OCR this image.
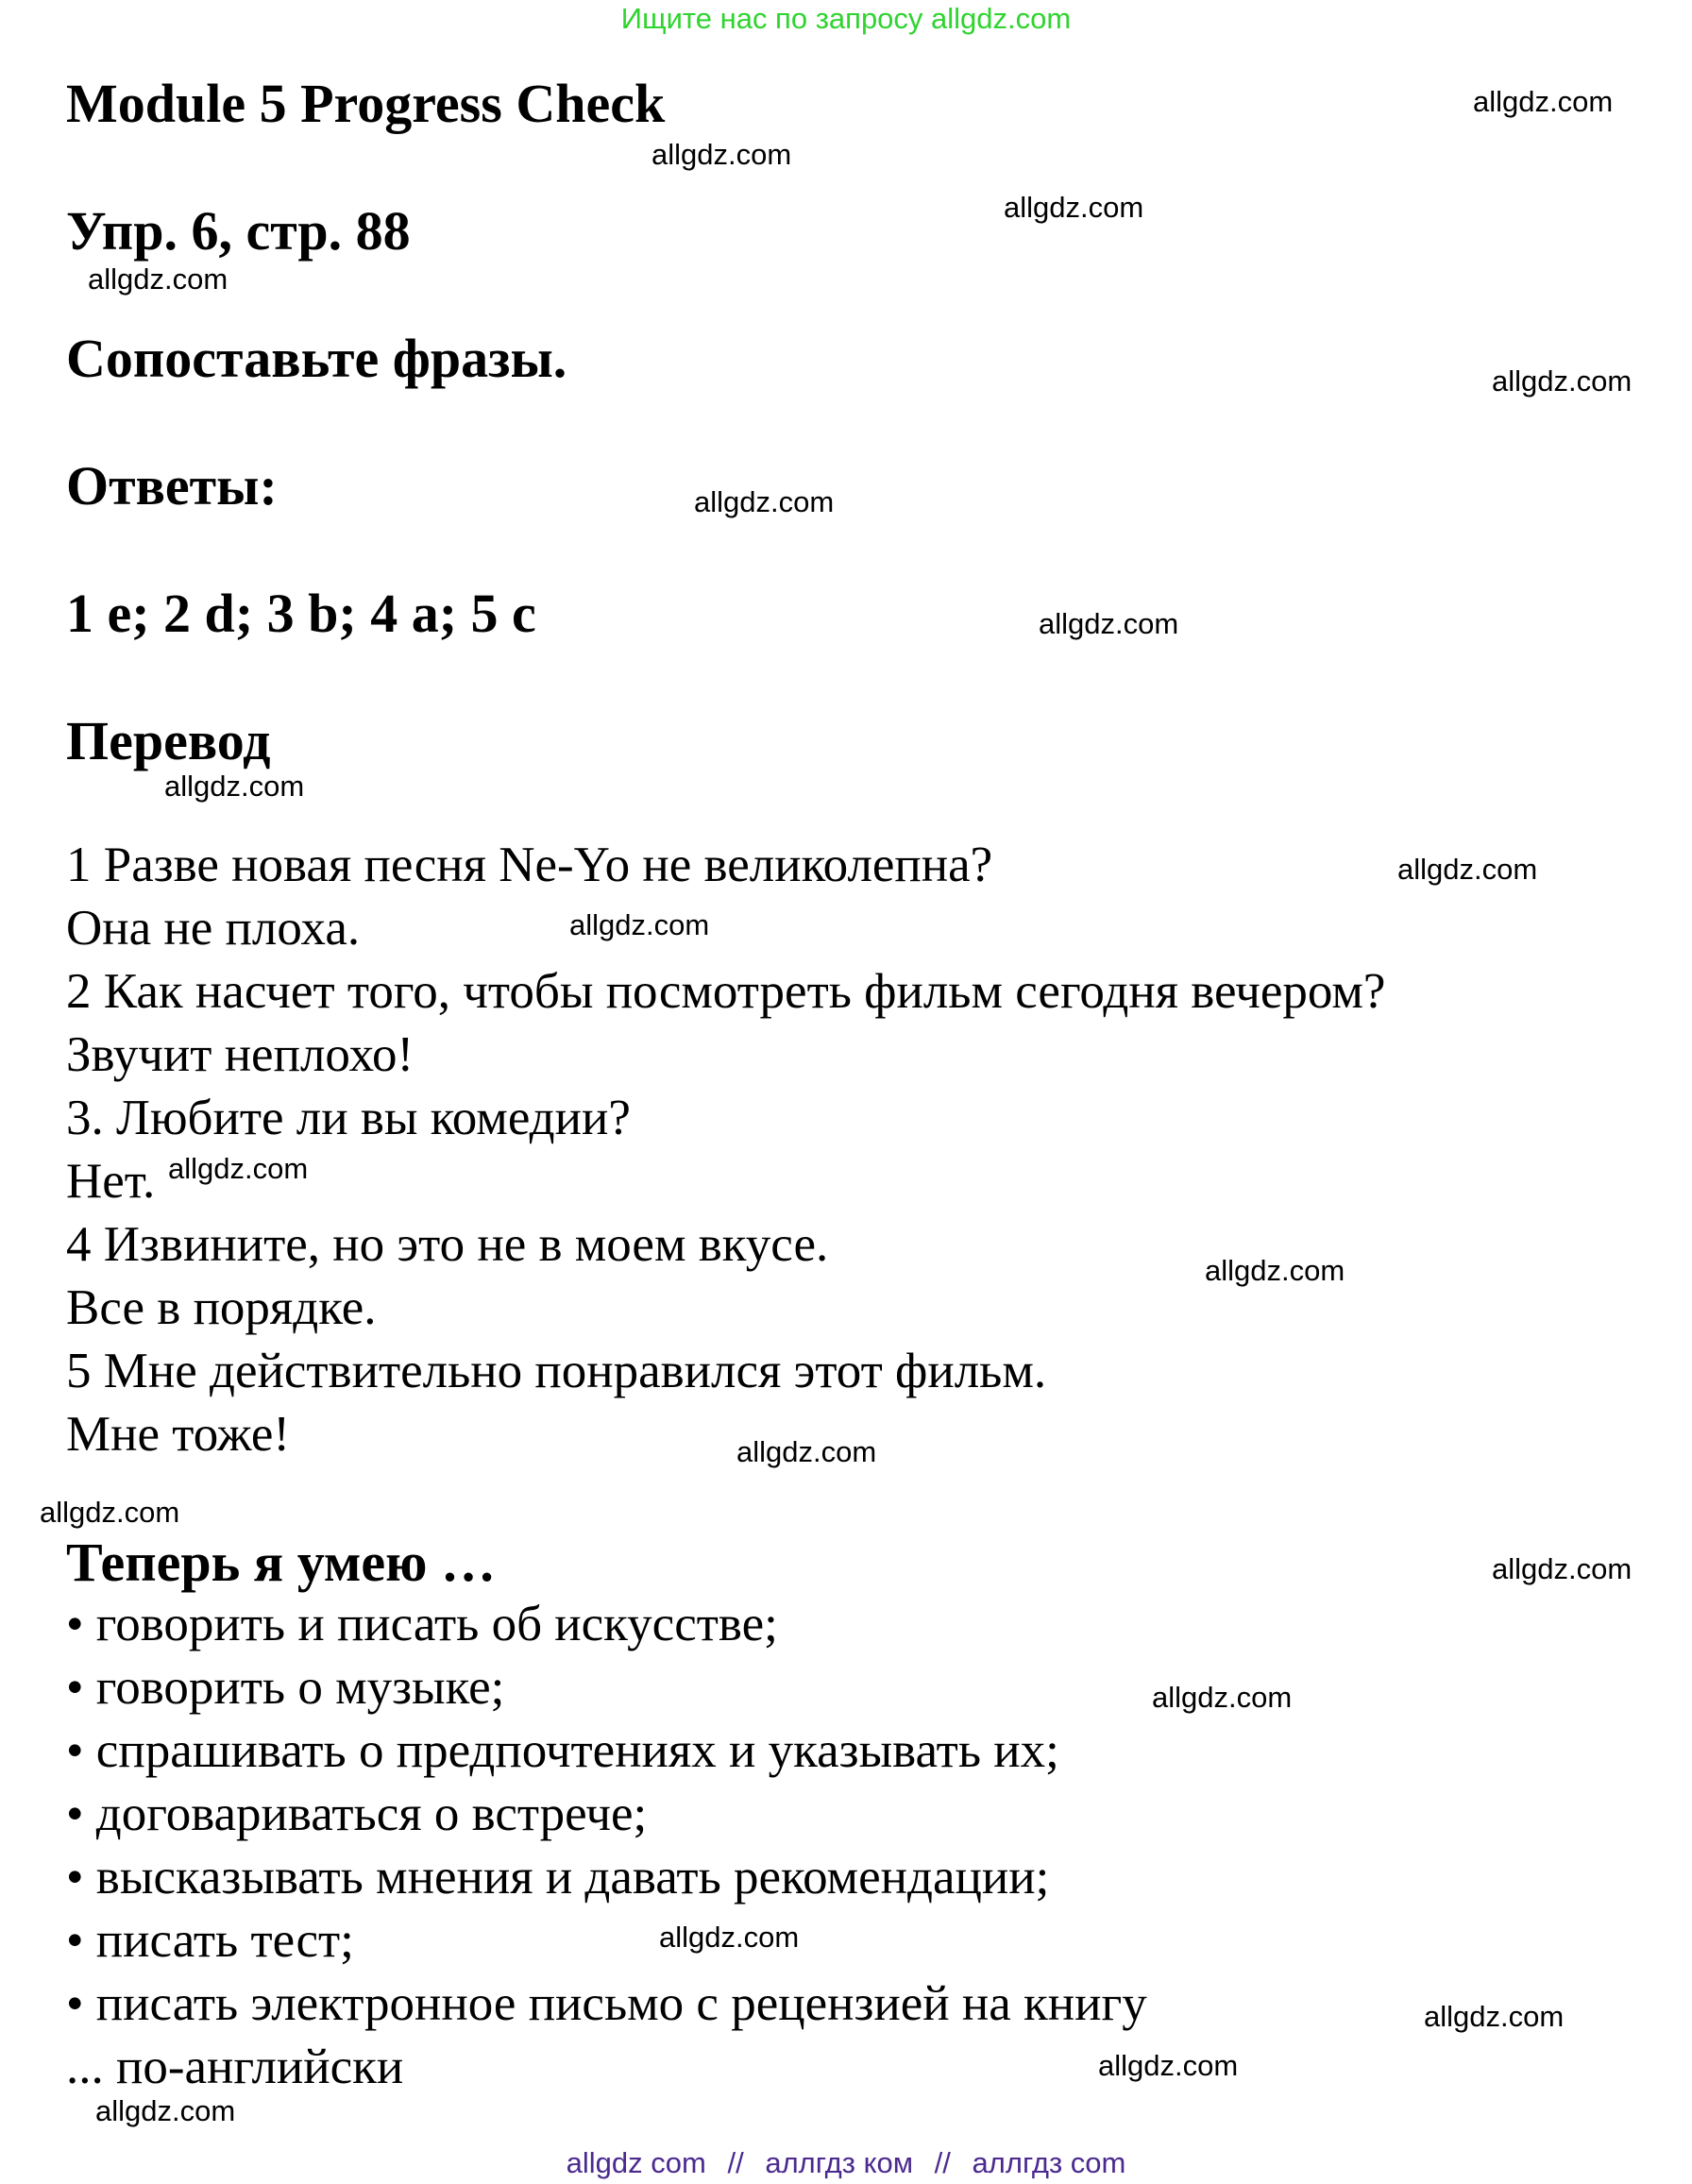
Ищите нас по запросу allgdz.com
Module 5 Progress Check
Упр. 6, стр. 88
Сопоставьте фразы.
Ответы:
1 e; 2 d; 3 b; 4 a; 5 c
Перевод
1 Разве новая песня Ne-Yo не великолепна?
Она не плоха.
2 Как насчет того, чтобы посмотреть фильм сегодня вечером?
Звучит неплохо!
3. Любите ли вы комедии?
Нет.
4 Извините, но это не в моем вкусе.
Все в порядке.
5 Мне действительно понравился этот фильм.
Мне тоже!
Теперь я умею …
• говорить и писать об искусстве;
• говорить о музыке;
• спрашивать о предпочтениях и указывать их;
• договариваться о встрече;
• высказывать мнения и давать рекомендации;
• писать тест;
• писать электронное письмо с рецензией на книгу
... по-английски
allgdz.com
allgdz.com
allgdz.com
allgdz.com
allgdz.com
allgdz.com
allgdz.com
allgdz.com
allgdz.com
allgdz.com
allgdz.com
allgdz.com
allgdz.com
allgdz.com
allgdz.com
allgdz.com
allgdz.com
allgdz.com
allgdz.com
allgdz.com
allgdz com // аллгдз ком // аллгдз com
